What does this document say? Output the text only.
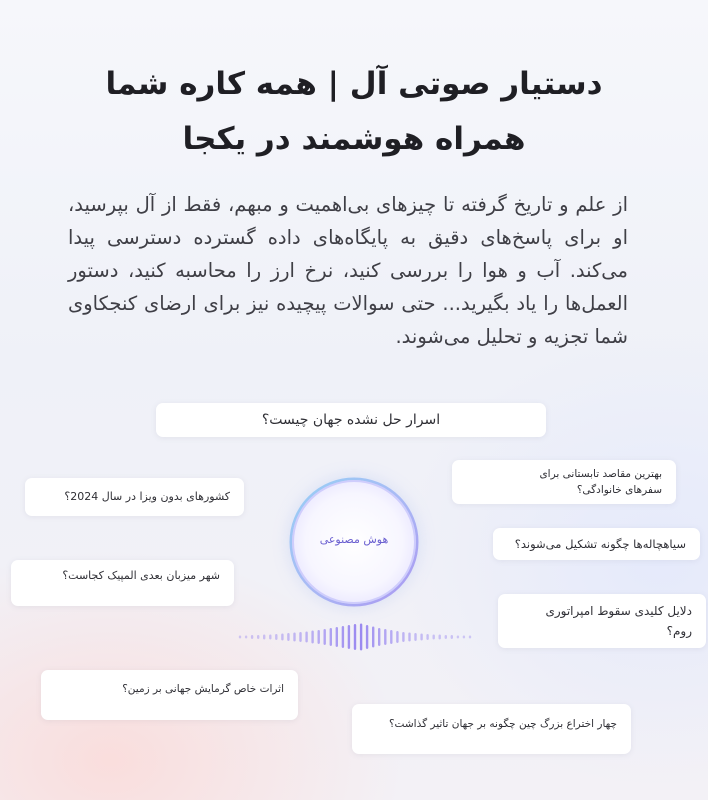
دستیار صوتی آل | همه کاره شما
همراه هوشمند در یکجا

از علم و تاریخ گرفته تا چیزهای بی‌اهمیت و مبهم، فقط از آل بپرسید، او برای پاسخ‌های دقیق به پایگاه‌های داده گسترده دسترسی پیدا می‌کند. آب و هوا را بررسی کنید، نرخ ارز را محاسبه کنید، دستور العمل‌ها را یاد بگیرید... حتی سوالات پیچیده نیز برای ارضای کنجکاوی شما تجزیه و تحلیل می‌شوند.

اسرار حل نشده جهان چیست؟
بهترین مقاصد تابستانی برای
سفرهای خانوادگی؟
کشورهای بدون ویزا در سال 2024؟
سیاهچاله‌ها چگونه تشکیل می‌شوند؟
شهر میزبان بعدی المپیک کجاست؟
دلایل کلیدی سقوط امپراتوری
روم؟
اثرات خاص گرمایش جهانی بر زمین؟
چهار اختراع بزرگ چین چگونه بر جهان تاثیر گذاشت؟
هوش مصنوعی
